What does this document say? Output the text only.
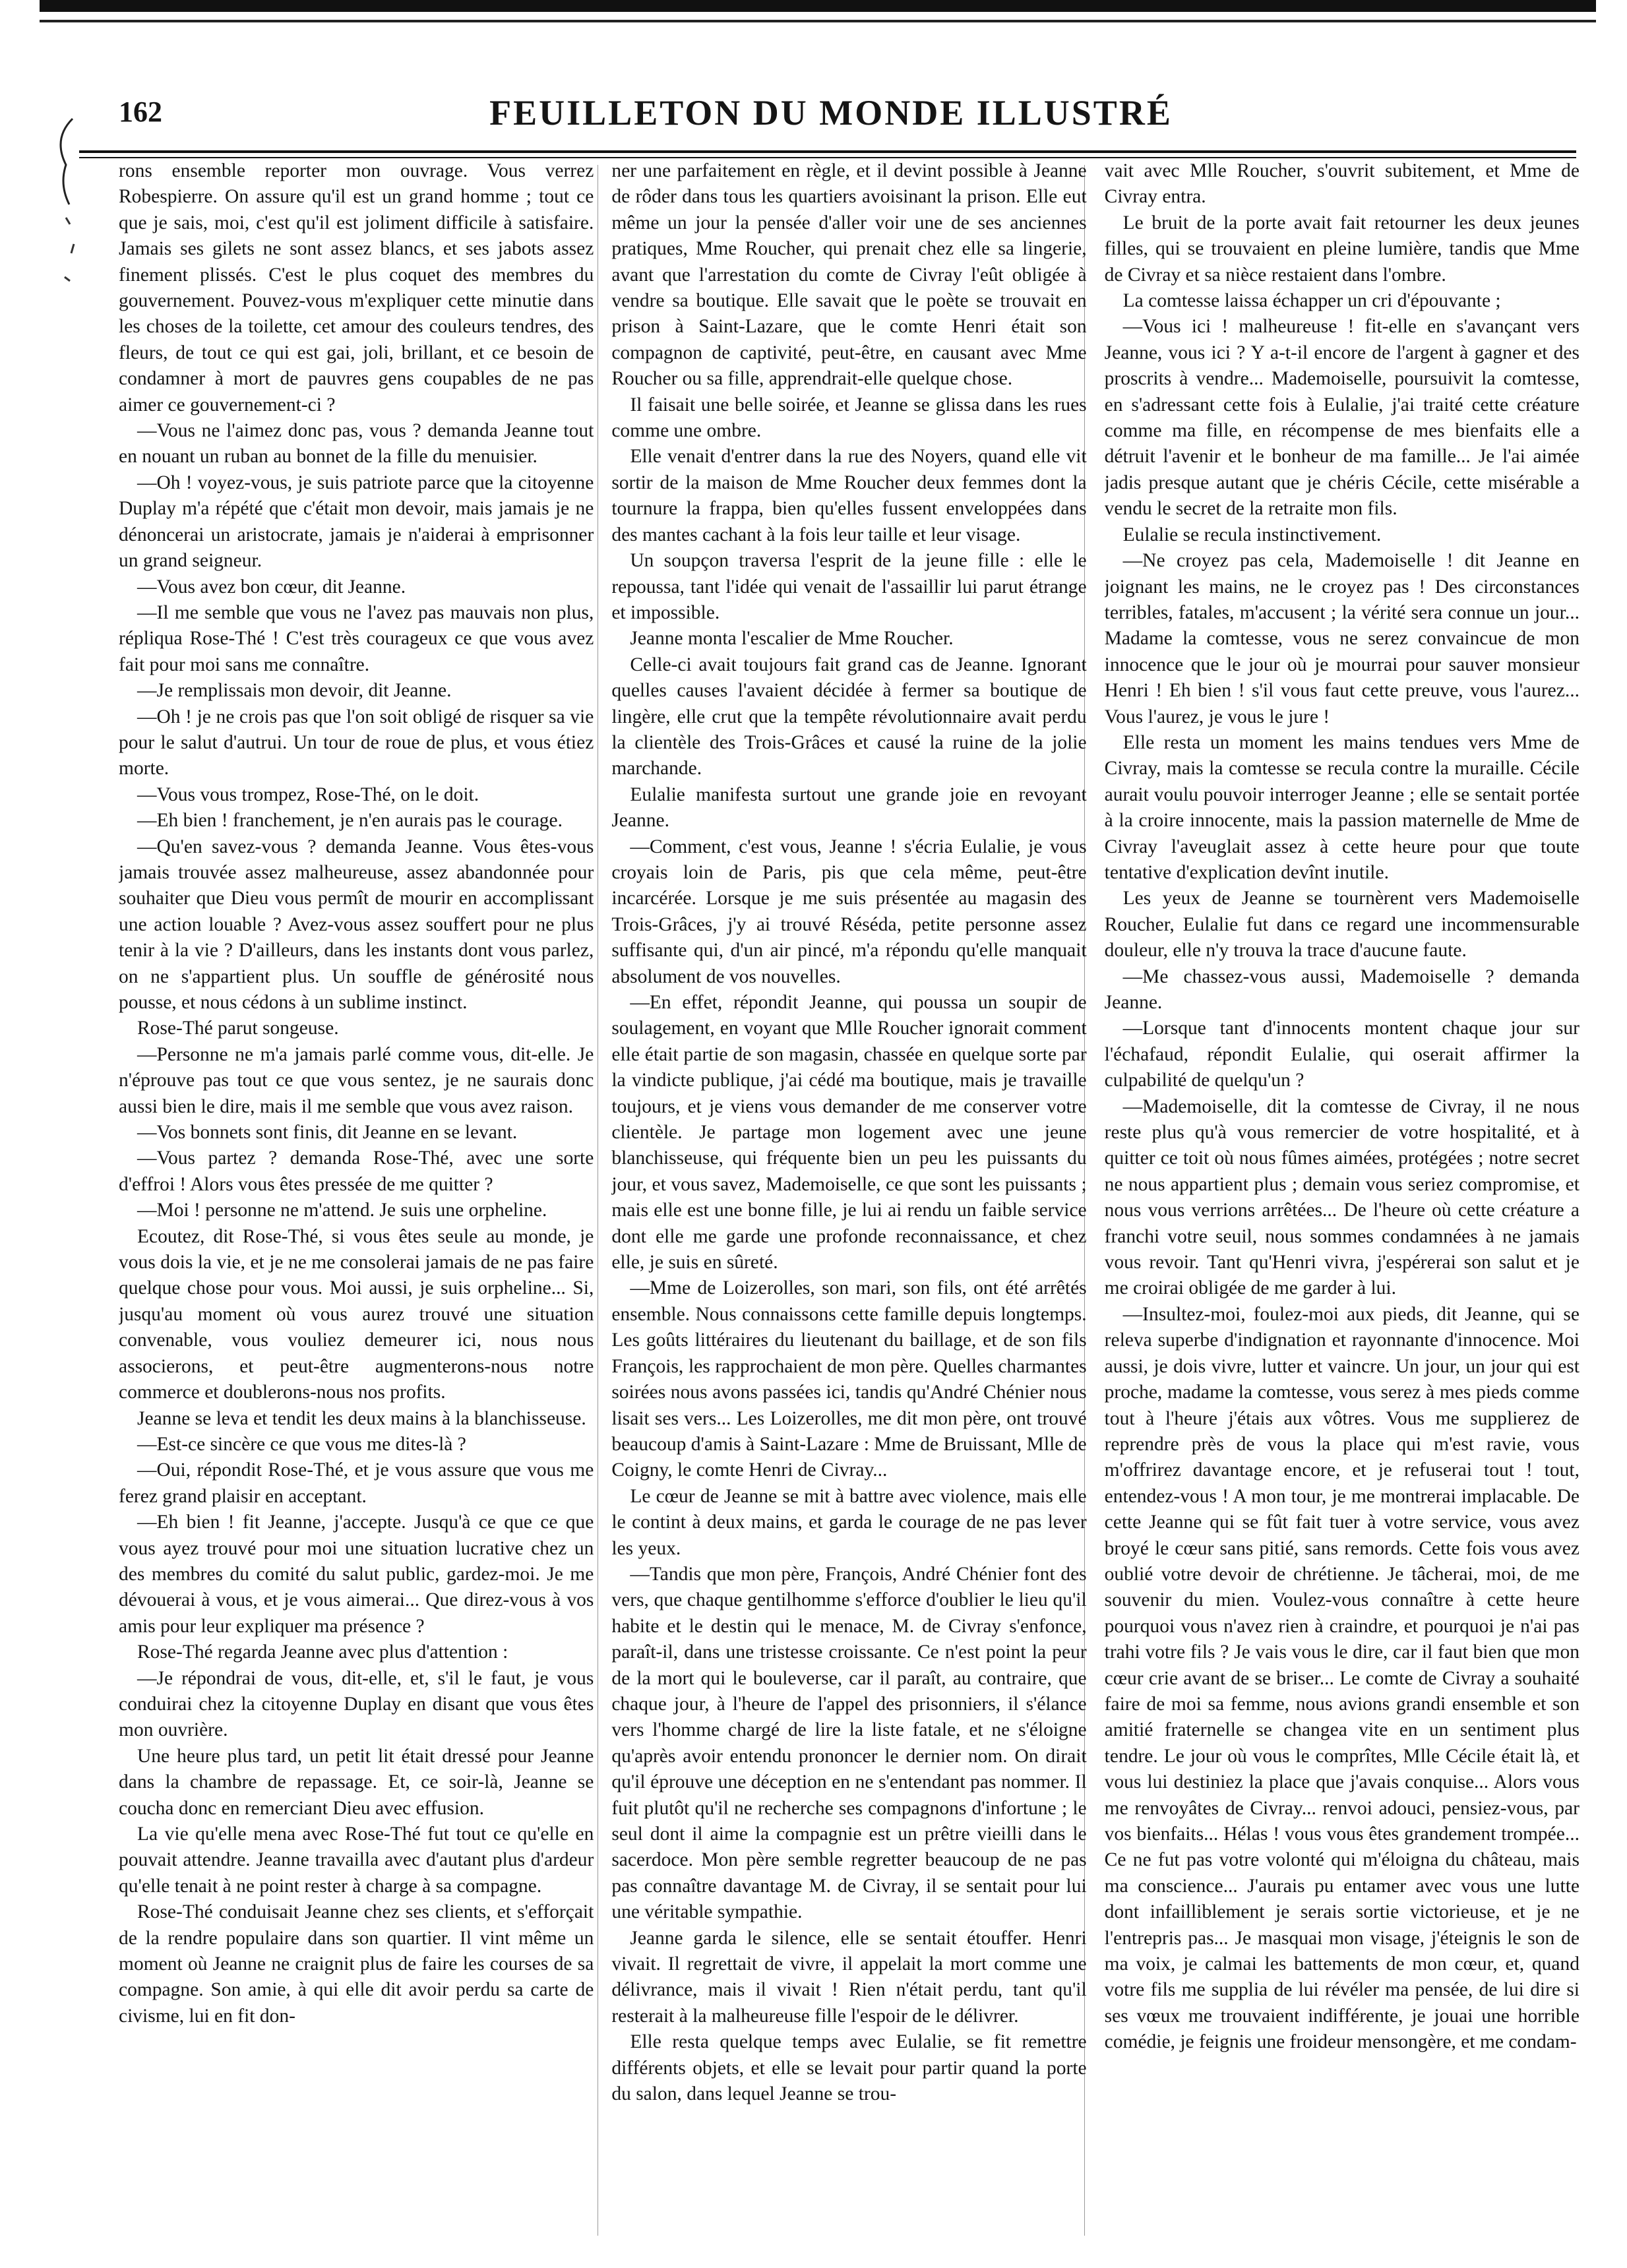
162	FEUILLETON DU MONDE ILLUSTRÉ

rons ensemble reporter mon ouvrage. Vous verrez Robespierre. On assure qu'il est un grand homme ; tout ce que je sais, moi, c'est qu'il est joliment difficile à satisfaire. Jamais ses gilets ne sont assez blancs, et ses jabots assez finement plissés. C'est le plus coquet des membres du gouvernement. Pouvez-vous m'expliquer cette minutie dans les choses de la toilette, cet amour des couleurs tendres, des fleurs, de tout ce qui est gai, joli, brillant, et ce besoin de condamner à mort de pauvres gens coupables de ne pas aimer ce gouvernement-ci ?

—Vous ne l'aimez donc pas, vous ? demanda Jeanne tout en nouant un ruban au bonnet de la fille du menuisier.

—Oh ! voyez-vous, je suis patriote parce que la citoyenne Duplay m'a répété que c'était mon devoir, mais jamais je ne dénoncerai un aristocrate, jamais je n'aiderai à emprisonner un grand seigneur.

—Vous avez bon cœur, dit Jeanne.

—Il me semble que vous ne l'avez pas mauvais non plus, répliqua Rose-Thé ! C'est très courageux ce que vous avez fait pour moi sans me connaître.

—Je remplissais mon devoir, dit Jeanne.

—Oh ! je ne crois pas que l'on soit obligé de risquer sa vie pour le salut d'autrui. Un tour de roue de plus, et vous étiez morte.

—Vous vous trompez, Rose-Thé, on le doit.

—Eh bien ! franchement, je n'en aurais pas le courage.

—Qu'en savez-vous ? demanda Jeanne. Vous êtes-vous jamais trouvée assez malheureuse, assez abandonnée pour souhaiter que Dieu vous permît de mourir en accomplissant une action louable ? Avez-vous assez souffert pour ne plus tenir à la vie ? D'ailleurs, dans les instants dont vous parlez, on ne s'appartient plus. Un souffle de générosité nous pousse, et nous cédons à un sublime instinct.

Rose-Thé parut songeuse.

—Personne ne m'a jamais parlé comme vous, dit-elle. Je n'éprouve pas tout ce que vous sentez, je ne saurais donc aussi bien le dire, mais il me semble que vous avez raison.

—Vos bonnets sont finis, dit Jeanne en se levant.

—Vous partez ? demanda Rose-Thé, avec une sorte d'effroi ! Alors vous êtes pressée de me quitter ?

—Moi ! personne ne m'attend. Je suis une orpheline.

Ecoutez, dit Rose-Thé, si vous êtes seule au monde, je vous dois la vie, et je ne me consolerai jamais de ne pas faire quelque chose pour vous. Moi aussi, je suis orpheline... Si, jusqu'au moment où vous aurez trouvé une situation convenable, vous vouliez demeurer ici, nous nous associerons, et peut-être augmenterons-nous notre commerce et doublerons-nous nos profits.

Jeanne se leva et tendit les deux mains à la blanchisseuse.

—Est-ce sincère ce que vous me dites-là ?

—Oui, répondit Rose-Thé, et je vous assure que vous me ferez grand plaisir en acceptant.

—Eh bien ! fit Jeanne, j'accepte. Jusqu'à ce que ce que vous ayez trouvé pour moi une situation lucrative chez un des membres du comité du salut public, gardez-moi. Je me dévouerai à vous, et je vous aimerai... Que direz-vous à vos amis pour leur expliquer ma présence ?

Rose-Thé regarda Jeanne avec plus d'attention :

—Je répondrai de vous, dit-elle, et, s'il le faut, je vous conduirai chez la citoyenne Duplay en disant que vous êtes mon ouvrière.

Une heure plus tard, un petit lit était dressé pour Jeanne dans la chambre de repassage. Et, ce soir-là, Jeanne se coucha donc en remerciant Dieu avec effusion.

La vie qu'elle mena avec Rose-Thé fut tout ce qu'elle en pouvait attendre. Jeanne travailla avec d'autant plus d'ardeur qu'elle tenait à ne point rester à charge à sa compagne.

Rose-Thé conduisait Jeanne chez ses clients, et s'efforçait de la rendre populaire dans son quartier. Il vint même un moment où Jeanne ne craignit plus de faire les courses de sa compagne. Son amie, à qui elle dit avoir perdu sa carte de civisme, lui en fit don-

ner une parfaitement en règle, et il devint possible à Jeanne de rôder dans tous les quartiers avoisinant la prison. Elle eut même un jour la pensée d'aller voir une de ses anciennes pratiques, Mme Roucher, qui prenait chez elle sa lingerie, avant que l'arrestation du comte de Civray l'eût obligée à vendre sa boutique. Elle savait que le poète se trouvait en prison à Saint-Lazare, que le comte Henri était son compagnon de captivité, peut-être, en causant avec Mme Roucher ou sa fille, apprendrait-elle quelque chose.

Il faisait une belle soirée, et Jeanne se glissa dans les rues comme une ombre.

Elle venait d'entrer dans la rue des Noyers, quand elle vit sortir de la maison de Mme Roucher deux femmes dont la tournure la frappa, bien qu'elles fussent enveloppées dans des mantes cachant à la fois leur taille et leur visage.

Un soupçon traversa l'esprit de la jeune fille : elle le repoussa, tant l'idée qui venait de l'assaillir lui parut étrange et impossible.

Jeanne monta l'escalier de Mme Roucher.

Celle-ci avait toujours fait grand cas de Jeanne. Ignorant quelles causes l'avaient décidée à fermer sa boutique de lingère, elle crut que la tempête révolutionnaire avait perdu la clientèle des Trois-Grâces et causé la ruine de la jolie marchande.

Eulalie manifesta surtout une grande joie en revoyant Jeanne.

—Comment, c'est vous, Jeanne ! s'écria Eulalie, je vous croyais loin de Paris, pis que cela même, peut-être incarcérée. Lorsque je me suis présentée au magasin des Trois-Grâces, j'y ai trouvé Réséda, petite personne assez suffisante qui, d'un air pincé, m'a répondu qu'elle manquait absolument de vos nouvelles.

—En effet, répondit Jeanne, qui poussa un soupir de soulagement, en voyant que Mlle Roucher ignorait comment elle était partie de son magasin, chassée en quelque sorte par la vindicte publique, j'ai cédé ma boutique, mais je travaille toujours, et je viens vous demander de me conserver votre clientèle. Je partage mon logement avec une jeune blanchisseuse, qui fréquente bien un peu les puissants du jour, et vous savez, Mademoiselle, ce que sont les puissants ; mais elle est une bonne fille, je lui ai rendu un faible service dont elle me garde une profonde reconnaissance, et chez elle, je suis en sûreté.

—Mme de Loizerolles, son mari, son fils, ont été arrêtés ensemble. Nous connaissons cette famille depuis longtemps. Les goûts littéraires du lieutenant du baillage, et de son fils François, les rapprochaient de mon père. Quelles charmantes soirées nous avons passées ici, tandis qu'André Chénier nous lisait ses vers... Les Loizerolles, me dit mon père, ont trouvé beaucoup d'amis à Saint-Lazare : Mme de Bruissant, Mlle de Coigny, le comte Henri de Civray...

Le cœur de Jeanne se mit à battre avec violence, mais elle le contint à deux mains, et garda le courage de ne pas lever les yeux.

—Tandis que mon père, François, André Chénier font des vers, que chaque gentilhomme s'efforce d'oublier le lieu qu'il habite et le destin qui le menace, M. de Civray s'enfonce, paraît-il, dans une tristesse croissante. Ce n'est point la peur de la mort qui le bouleverse, car il paraît, au contraire, que chaque jour, à l'heure de l'appel des prisonniers, il s'élance vers l'homme chargé de lire la liste fatale, et ne s'éloigne qu'après avoir entendu prononcer le dernier nom. On dirait qu'il éprouve une déception en ne s'entendant pas nommer. Il fuit plutôt qu'il ne recherche ses compagnons d'infortune ; le seul dont il aime la compagnie est un prêtre vieilli dans le sacerdoce. Mon père semble regretter beaucoup de ne pas pas connaître davantage M. de Civray, il se sentait pour lui une véritable sympathie.

Jeanne garda le silence, elle se sentait étouffer. Henri vivait. Il regrettait de vivre, il appelait la mort comme une délivrance, mais il vivait ! Rien n'était perdu, tant qu'il resterait à la malheureuse fille l'espoir de le délivrer.

Elle resta quelque temps avec Eulalie, se fit remettre différents objets, et elle se levait pour partir quand la porte du salon, dans lequel Jeanne se trou-

vait avec Mlle Roucher, s'ouvrit subitement, et Mme de Civray entra.

Le bruit de la porte avait fait retourner les deux jeunes filles, qui se trouvaient en pleine lumière, tandis que Mme de Civray et sa nièce restaient dans l'ombre.

La comtesse laissa échapper un cri d'épouvante ;

—Vous ici ! malheureuse ! fit-elle en s'avançant vers Jeanne, vous ici ? Y a-t-il encore de l'argent à gagner et des proscrits à vendre... Mademoiselle, poursuivit la comtesse, en s'adressant cette fois à Eulalie, j'ai traité cette créature comme ma fille, en récompense de mes bienfaits elle a détruit l'avenir et le bonheur de ma famille... Je l'ai aimée jadis presque autant que je chéris Cécile, cette misérable a vendu le secret de la retraite mon fils.

Eulalie se recula instinctivement.

—Ne croyez pas cela, Mademoiselle ! dit Jeanne en joignant les mains, ne le croyez pas ! Des circonstances terribles, fatales, m'accusent ; la vérité sera connue un jour... Madame la comtesse, vous ne serez convaincue de mon innocence que le jour où je mourrai pour sauver monsieur Henri ! Eh bien ! s'il vous faut cette preuve, vous l'aurez... Vous l'aurez, je vous le jure !

Elle resta un moment les mains tendues vers Mme de Civray, mais la comtesse se recula contre la muraille. Cécile aurait voulu pouvoir interroger Jeanne ; elle se sentait portée à la croire innocente, mais la passion maternelle de Mme de Civray l'aveuglait assez à cette heure pour que toute tentative d'explication devînt inutile.

Les yeux de Jeanne se tournèrent vers Mademoiselle Roucher, Eulalie fut dans ce regard une incommensurable douleur, elle n'y trouva la trace d'aucune faute.

—Me chassez-vous aussi, Mademoiselle ? demanda Jeanne.

—Lorsque tant d'innocents montent chaque jour sur l'échafaud, répondit Eulalie, qui oserait affirmer la culpabilité de quelqu'un ?

—Mademoiselle, dit la comtesse de Civray, il ne nous reste plus qu'à vous remercier de votre hospitalité, et à quitter ce toit où nous fûmes aimées, protégées ; notre secret ne nous appartient plus ; demain vous seriez compromise, et nous vous verrions arrêtées... De l'heure où cette créature a franchi votre seuil, nous sommes condamnées à ne jamais vous revoir. Tant qu'Henri vivra, j'espérerai son salut et je me croirai obligée de me garder à lui.

—Insultez-moi, foulez-moi aux pieds, dit Jeanne, qui se releva superbe d'indignation et rayonnante d'innocence. Moi aussi, je dois vivre, lutter et vaincre. Un jour, un jour qui est proche, madame la comtesse, vous serez à mes pieds comme tout à l'heure j'étais aux vôtres. Vous me supplierez de reprendre près de vous la place qui m'est ravie, vous m'offrirez davantage encore, et je refuserai tout ! tout, entendez-vous ! A mon tour, je me montrerai implacable. De cette Jeanne qui se fût fait tuer à votre service, vous avez broyé le cœur sans pitié, sans remords. Cette fois vous avez oublié votre devoir de chrétienne. Je tâcherai, moi, de me souvenir du mien. Voulez-vous connaître à cette heure pourquoi vous n'avez rien à craindre, et pourquoi je n'ai pas trahi votre fils ? Je vais vous le dire, car il faut bien que mon cœur crie avant de se briser... Le comte de Civray a souhaité faire de moi sa femme, nous avions grandi ensemble et son amitié fraternelle se changea vite en un sentiment plus tendre. Le jour où vous le comprîtes, Mlle Cécile était là, et vous lui destiniez la place que j'avais conquise... Alors vous me renvoyâtes de Civray... renvoi adouci, pensiez-vous, par vos bienfaits... Hélas ! vous vous êtes grandement trompée... Ce ne fut pas votre volonté qui m'éloigna du château, mais ma conscience... J'aurais pu entamer avec vous une lutte dont infailliblement je serais sortie victorieuse, et je ne l'entrepris pas... Je masquai mon visage, j'éteignis le son de ma voix, je calmai les battements de mon cœur, et, quand votre fils me supplia de lui révéler ma pensée, de lui dire si ses vœux me trouvaient indifférente, je jouai une horrible comédie, je feignis une froideur mensongère, et me condam-
